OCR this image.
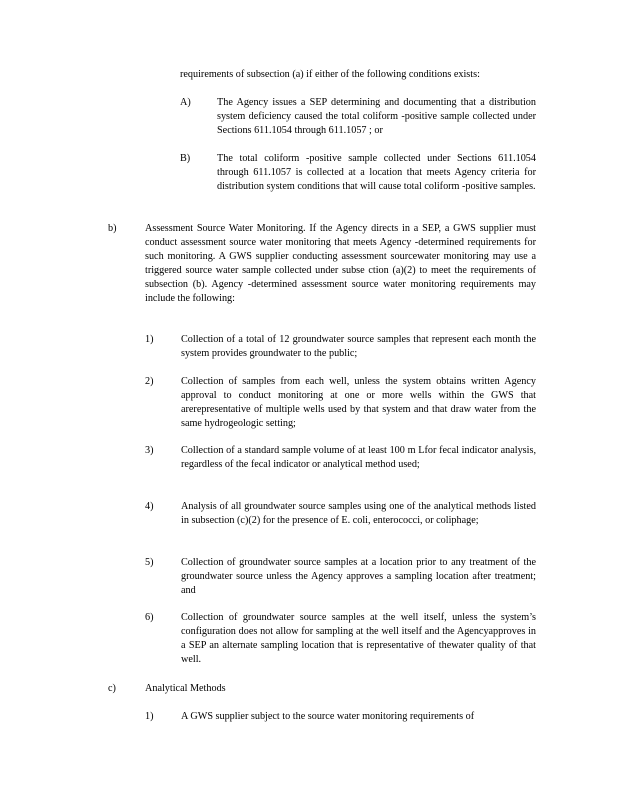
requirements of subsection (a) if either of the following conditions exists:
A)	The Agency issues a SEP determining and documenting that a distribution system deficiency caused the total coliform -positive sample collected under Sections 611.1054 through 611.1057 ; or
B)	The total coliform -positive sample collected under Sections 611.1054 through 611.1057 is collected at a location that meets Agency criteria for distribution system conditions that will cause total coliform -positive samples.
b)	Assessment Source Water Monitoring. If the Agency directs in a SEP, a GWS supplier must conduct assessment source water monitoring that meets Agency -determined requirements for such monitoring. A GWS supplier conducting assessment sourcewater monitoring may use a triggered source water sample collected under subse ction (a)(2) to meet the requirements of subsection (b). Agency -determined assessment source water monitoring requirements may include the following:
1)	Collection of a total of 12 groundwater source samples that represent each month the system provides groundwater to the public;
2)	Collection of samples from each well, unless the system obtains written Agency approval to conduct monitoring at one or more wells within the GWS that arerepresentative of multiple wells used by that system and that draw water from the same hydrogeologic setting;
3)	Collection of a standard sample volume of at least 100 m Lfor fecal indicator analysis, regardless of the fecal indicator or analytical method used;
4)	Analysis of all groundwater source samples using one of the analytical methods listed in subsection (c)(2) for the presence of E. coli, enterococci, or coliphage;
5)	Collection of groundwater source samples at a location prior to any treatment of the groundwater source unless the Agency approves a sampling location after treatment; and
6)	Collection of groundwater source samples at the well itself, unless the system’s configuration does not allow for sampling at the well itself and the Agencyapproves in a SEP an alternate sampling location that is representative of thewater quality of that well.
c)	Analytical Methods
1)	A GWS supplier subject to the source water monitoring requirements of
